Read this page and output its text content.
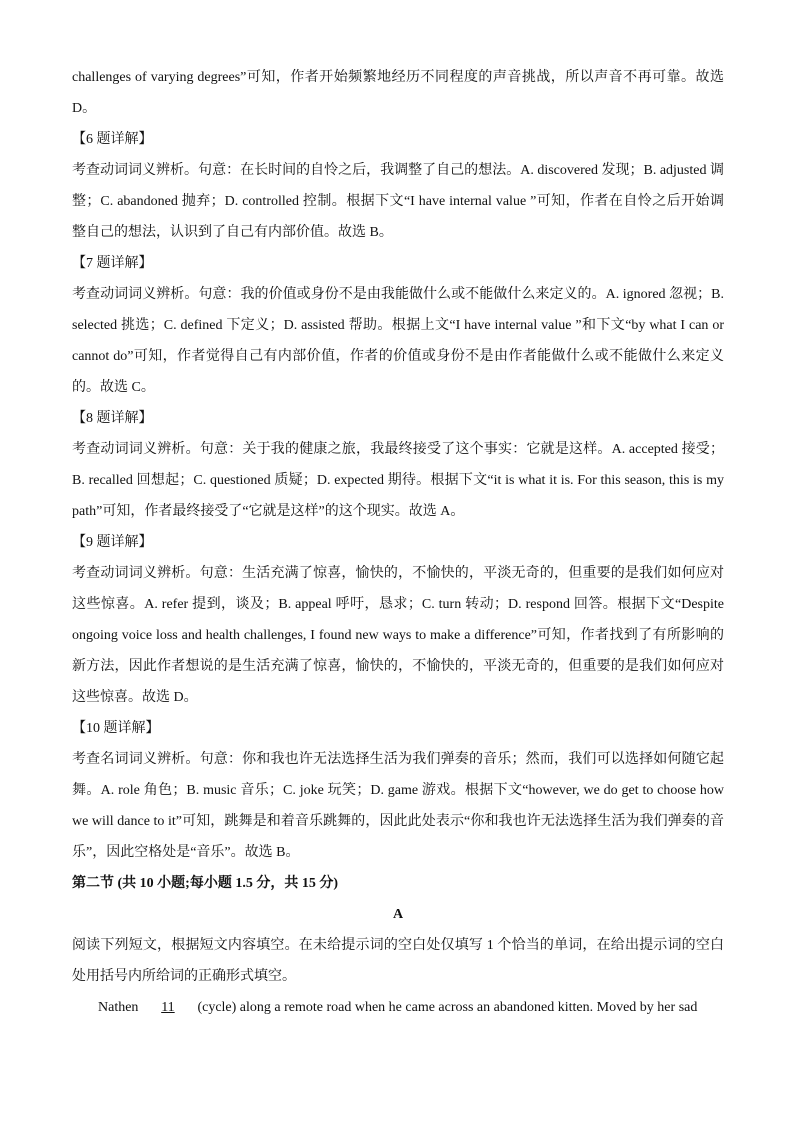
challenges of varying degrees”可知，作者开始频繁地经历不同程度的声音挑战，所以声音不再可靠。故选D。

【6 题详解】

考查动词词义辨析。句意：在长时间的自怜之后，我调整了自己的想法。A. discovered 发现；B. adjusted 调整；C. abandoned 抛弃；D. controlled 控制。根据下文“I have internal value ”可知，作者在自怜之后开始调整自己的想法，认识到了自己有内部价值。故选 B。

【7 题详解】

考查动词词义辨析。句意：我的价值或身份不是由我能做什么或不能做什么来定义的。A. ignored 忽视；B. selected 挑选；C. defined 下定义；D. assisted 帮助。根据上文“I have internal value ”和下文“by what I can or cannot do”可知，作者觉得自己有内部价值，作者的价值或身份不是由作者能做什么或不能做什么来定义的。故选 C。

【8 题详解】

考查动词词义辨析。句意：关于我的健康之旅，我最终接受了这个事实：它就是这样。A. accepted 接受；B. recalled 回想起；C. questioned 质疑；D. expected 期待。根据下文“it is what it is. For this season, this is my path”可知，作者最终接受了“它就是这样”的这个现实。故选 A。

【9 题详解】

考查动词词义辨析。句意：生活充满了惊喜，愉快的，不愉快的，平淡无奇的，但重要的是我们如何应对这些惊喜。A. refer 提到，谈及；B. appeal 呼吁，恳求；C. turn 转动；D. respond 回答。根据下文“Despite ongoing voice loss and health challenges, I found new ways to make a difference”可知，作者找到了有所影响的新方法，因此作者想说的是生活充满了惊喜，愉快的，不愉快的，平淡无奇的，但重要的是我们如何应对这些惊喜。故选 D。

【10 题详解】

考查名词词义辨析。句意：你和我也许无法选择生活为我们弹奏的音乐；然而，我们可以选择如何随它起舞。A. role 角色；B. music 音乐；C. joke 玩笑；D. game 游戏。根据下文“however, we do get to choose how we will dance to it”可知，跳舞是和着音乐跳舞的，因此此处表示“你和我也许无法选择生活为我们弹奏的音乐”，因此空格处是“音乐”。故选 B。

第二节 (共 10 小题;每小题 1.5 分，共 15 分)

A

阅读下列短文，根据短文内容填空。在未给提示词的空白处仅填写 1 个恰当的单词，在给出提示词的空白处用括号内所给词的正确形式填空。

Nathen 11 (cycle) along a remote road when he came across an abandoned kitten. Moved by her sad
